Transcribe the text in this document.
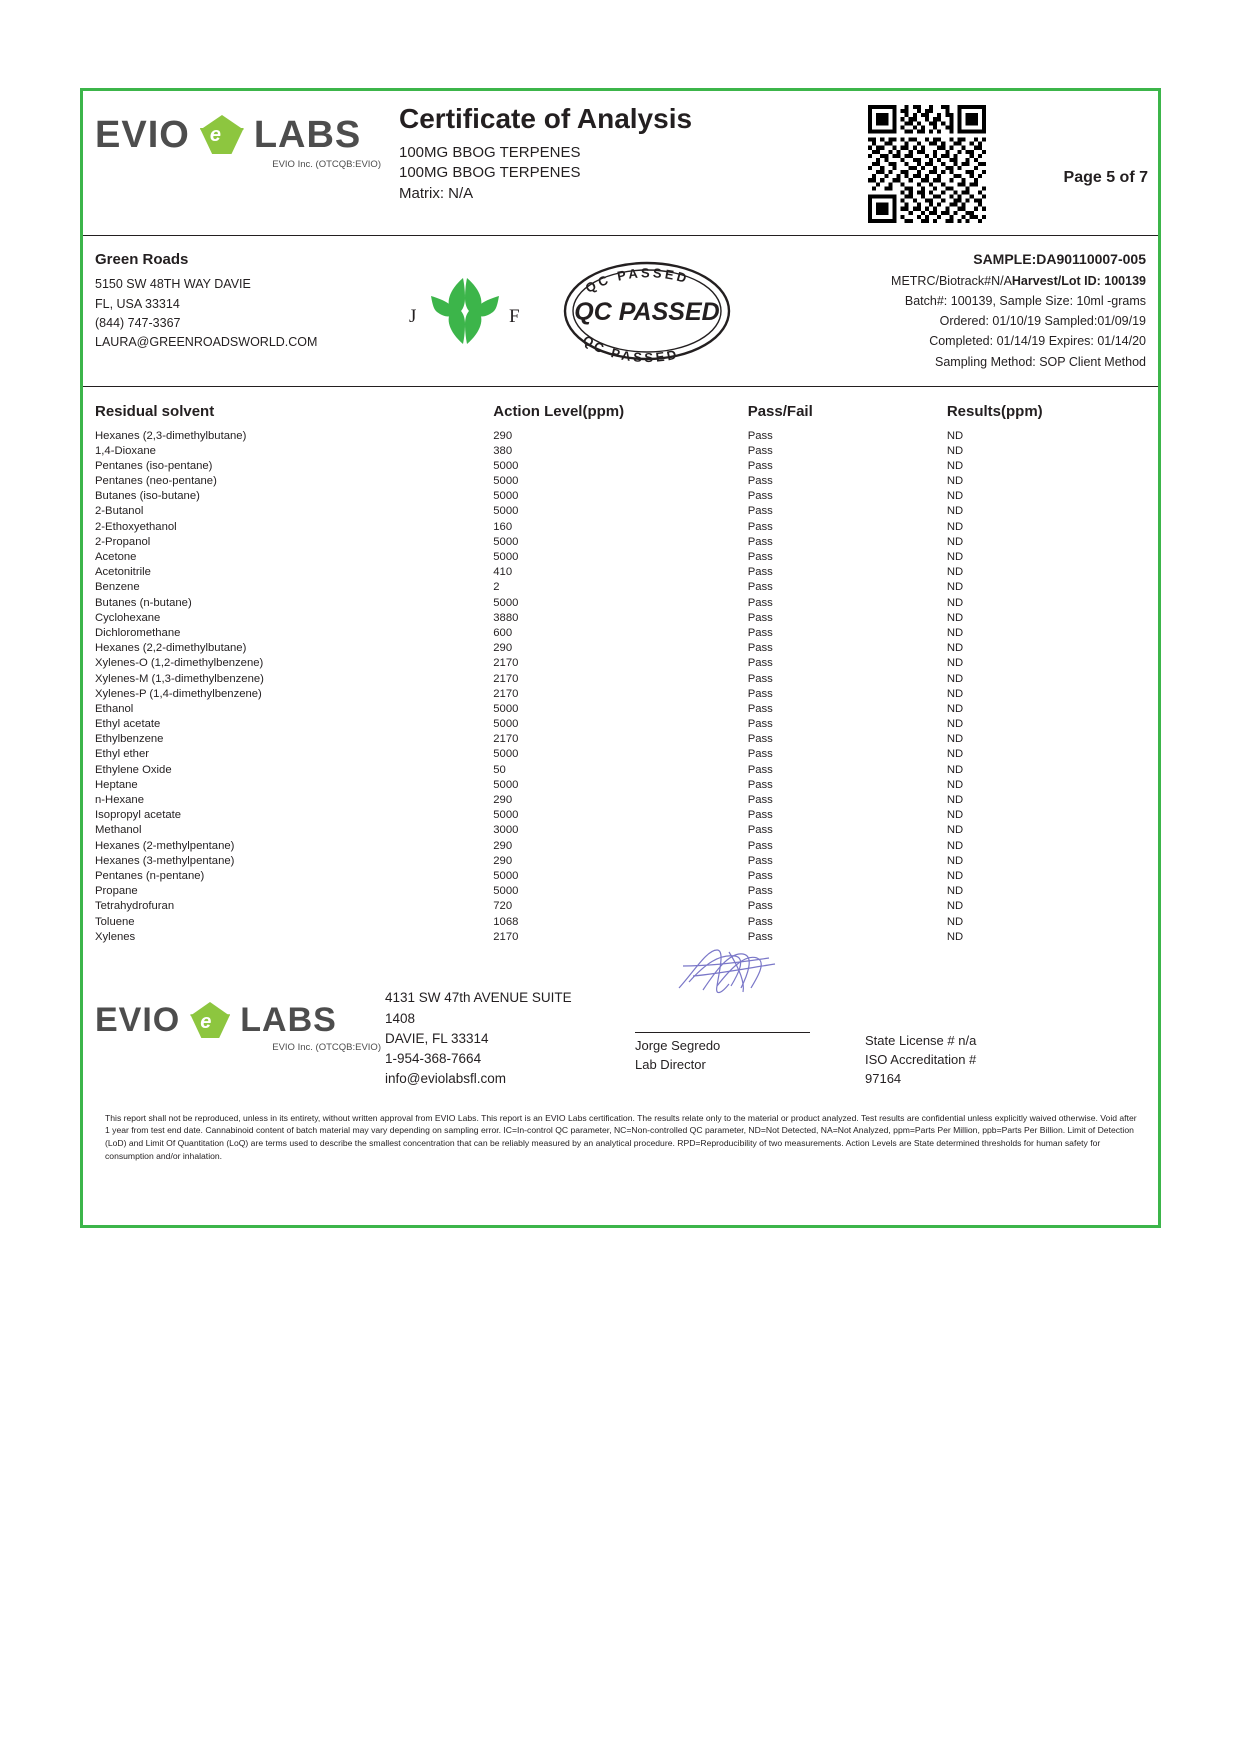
EVIO e LABS
EVIO Inc. (OTCQB:EVIO)
Certificate of Analysis
100MG BBOG TERPENES
100MG BBOG TERPENES
Matrix: N/A
Page 5 of 7
Green Roads
5150 SW 48TH WAY DAVIE
FL, USA 33314
(844) 747-3367
LAURA@GREENROADSWORLD.COM
J	F
QC PASSED
QC PASSED
QC PASSED
SAMPLE:DA90110007-005
METRC/Biotrack#N/AHarvest/Lot ID: 100139
Batch#: 100139, Sample Size: 10ml -grams
Ordered: 01/10/19 Sampled:01/09/19
Completed: 01/14/19 Expires: 01/14/20
Sampling Method: SOP Client Method
Residual solvent	Action Level(ppm)	Pass/Fail	Results(ppm)
Hexanes (2,3-dimethylbutane)	290	Pass	ND
1,4-Dioxane	380	Pass	ND
Pentanes (iso-pentane)	5000	Pass	ND
Pentanes (neo-pentane)	5000	Pass	ND
Butanes (iso-butane)	5000	Pass	ND
2-Butanol	5000	Pass	ND
2-Ethoxyethanol	160	Pass	ND
2-Propanol	5000	Pass	ND
Acetone	5000	Pass	ND
Acetonitrile	410	Pass	ND
Benzene	2	Pass	ND
Butanes (n-butane)	5000	Pass	ND
Cyclohexane	3880	Pass	ND
Dichloromethane	600	Pass	ND
Hexanes (2,2-dimethylbutane)	290	Pass	ND
Xylenes-O (1,2-dimethylbenzene)	2170	Pass	ND
Xylenes-M (1,3-dimethylbenzene)	2170	Pass	ND
Xylenes-P (1,4-dimethylbenzene)	2170	Pass	ND
Ethanol	5000	Pass	ND
Ethyl acetate	5000	Pass	ND
Ethylbenzene	2170	Pass	ND
Ethyl ether	5000	Pass	ND
Ethylene Oxide	50	Pass	ND
Heptane	5000	Pass	ND
n-Hexane	290	Pass	ND
Isopropyl acetate	5000	Pass	ND
Methanol	3000	Pass	ND
Hexanes (2-methylpentane)	290	Pass	ND
Hexanes (3-methylpentane)	290	Pass	ND
Pentanes (n-pentane)	5000	Pass	ND
Propane	5000	Pass	ND
Tetrahydrofuran	720	Pass	ND
Toluene	1068	Pass	ND
Xylenes	2170	Pass	ND
EVIO e LABS
EVIO Inc. (OTCQB:EVIO)
4131 SW 47th AVENUE SUITE
1408
DAVIE, FL 33314
1-954-368-7664
info@eviolabsfl.com
Jorge Segredo
Lab Director
State License # n/a
ISO Accreditation #
97164
This report shall not be reproduced, unless in its entirety, without written approval from EVIO Labs. This report is an EVIO Labs certification. The results relate only to the material or product analyzed. Test results are confidential unless explicitly waived otherwise. Void after 1 year from test end date. Cannabinoid content of batch material may vary depending on sampling error. IC=In-control QC parameter, NC=Non-controlled QC parameter, ND=Not Detected, NA=Not Analyzed, ppm=Parts Per Million, ppb=Parts Per Billion. Limit of Detection (LoD) and Limit Of Quantitation (LoQ) are terms used to describe the smallest concentration that can be reliably measured by an analytical procedure. RPD=Reproducibility of two measurements. Action Levels are State determined thresholds for human safety for consumption and/or inhalation.
